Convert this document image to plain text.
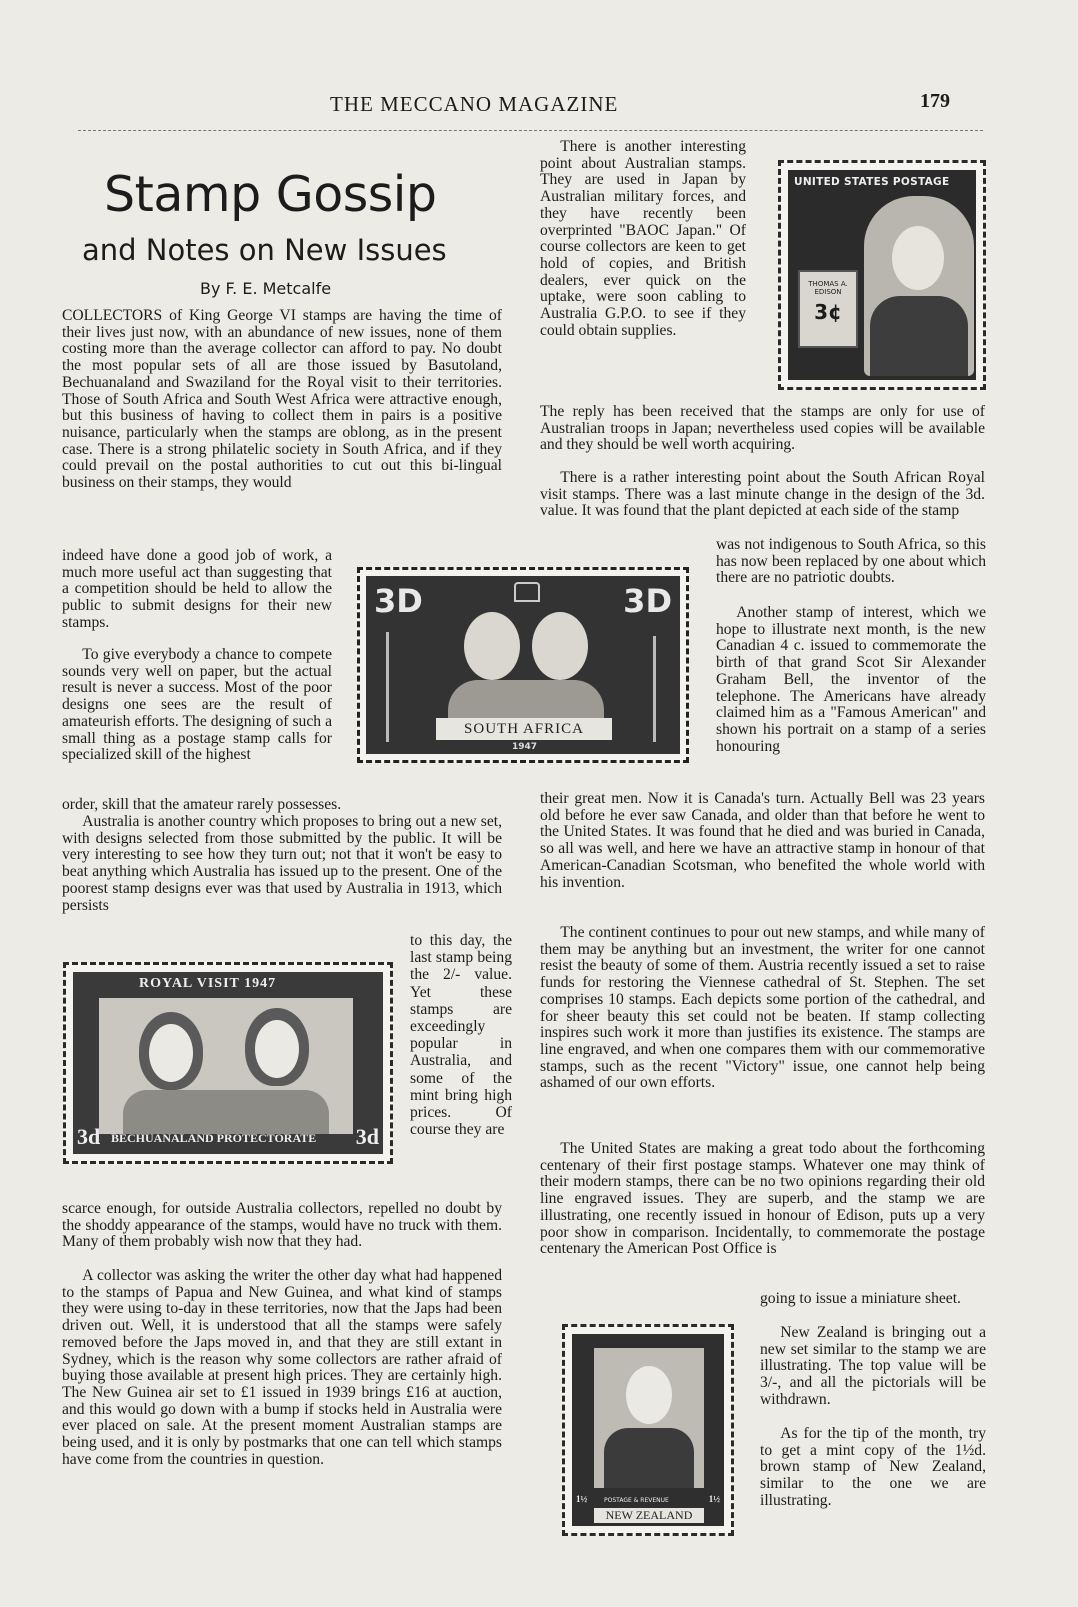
THE MECCANO MAGAZINE	179
Stamp Gossip
and Notes on New Issues
By F. E. Metcalfe

COLLECTORS of King George VI stamps are having the time of their lives just now, with an abundance of new issues, none of them costing more than the average collector can afford to pay. No doubt the most popular sets of all are those issued by Basutoland, Bechuanaland and Swaziland for the Royal visit to their territories. Those of South Africa and South West Africa were attractive enough, but this business of having to collect them in pairs is a positive nuisance, particularly when the stamps are oblong, as in the present case. There is a strong philatelic society in South Africa, and if they could prevail on the postal authorities to cut out this bi-lingual business on their stamps, they would

indeed have done a good job of work, a much more useful act than suggesting that a competition should be held to allow the public to submit designs for their new stamps.

To give everybody a chance to compete sounds very well on paper, but the actual result is never a success. Most of the poor designs one sees are the result of amateurish efforts. The designing of such a small thing as a postage stamp calls for specialized skill of the highest

order, skill that the amateur rarely possesses.

Australia is another country which proposes to bring out a new set, with designs selected from those submitted by the public. It will be very interesting to see how they turn out; not that it won't be easy to beat anything which Australia has issued up to the present. One of the poorest stamp designs ever was that used by Australia in 1913, which persists

to this day, the last stamp being the 2/- value. Yet these stamps are exceedingly popular in Australia, and some of the mint bring high prices. Of course they are

scarce enough, for outside Australia collectors, repelled no doubt by the shoddy appearance of the stamps, would have no truck with them. Many of them probably wish now that they had.

A collector was asking the writer the other day what had happened to the stamps of Papua and New Guinea, and what kind of stamps they were using to-day in these territories, now that the Japs had been driven out. Well, it is understood that all the stamps were safely removed before the Japs moved in, and that they are still extant in Sydney, which is the reason why some collectors are rather afraid of buying those available at present high prices. They are certainly high. The New Guinea air set to £1 issued in 1939 brings £16 at auction, and this would go down with a bump if stocks held in Australia were ever placed on sale. At the present moment Australian stamps are being used, and it is only by postmarks that one can tell which stamps have come from the countries in question.

There is another interesting point about Australian stamps. They are used in Japan by Australian military forces, and they have recently been overprinted "BAOC Japan." Of course collectors are keen to get hold of copies, and British dealers, ever quick on the uptake, were soon cabling to Australia G.P.O. to see if they could obtain supplies.

The reply has been received that the stamps are only for use of Australian troops in Japan; nevertheless used copies will be available and they should be well worth acquiring.

There is a rather interesting point about the South African Royal visit stamps. There was a last minute change in the design of the 3d. value. It was found that the plant depicted at each side of the stamp

was not indigenous to South Africa, so this has now been replaced by one about which there are no patriotic doubts.

Another stamp of interest, which we hope to illustrate next month, is the new Canadian 4 c. issued to commemorate the birth of that grand Scot Sir Alexander Graham Bell, the inventor of the telephone. The Americans have already claimed him as a "Famous American" and shown his portrait on a stamp of a series honouring

their great men. Now it is Canada's turn. Actually Bell was 23 years old before he ever saw Canada, and older than that before he went to the United States. It was found that he died and was buried in Canada, so all was well, and here we have an attractive stamp in honour of that American-Canadian Scotsman, who benefited the whole world with his invention.

The continent continues to pour out new stamps, and while many of them may be anything but an investment, the writer for one cannot resist the beauty of some of them. Austria recently issued a set to raise funds for restoring the Viennese cathedral of St. Stephen. The set comprises 10 stamps. Each depicts some portion of the cathedral, and for sheer beauty this set could not be beaten. If stamp collecting inspires such work it more than justifies its existence. The stamps are line engraved, and when one compares them with our commemorative stamps, such as the recent "Victory" issue, one cannot help being ashamed of our own efforts.

The United States are making a great todo about the forthcoming centenary of their first postage stamps. Whatever one may think of their modern stamps, there can be no two opinions regarding their old line engraved issues. They are superb, and the stamp we are illustrating, one recently issued in honour of Edison, puts up a very poor show in comparison. Incidentally, to commemorate the postage centenary the American Post Office is

going to issue a miniature sheet.

New Zealand is bringing out a new set similar to the stamp we are illustrating. The top value will be 3/-, and all the pictorials will be withdrawn.

As for the tip of the month, try to get a mint copy of the 1½d. brown stamp of New Zealand, similar to the one we are illustrating.

UNITED STATES POSTAGE
THOMAS A.
EDISON
3¢
3D	3D
SOUTH AFRICA
1947
ROYAL VISIT 1947
3d	3d
BECHUANALAND PROTECTORATE
1½	1½
POSTAGE & REVENUE
NEW ZEALAND
